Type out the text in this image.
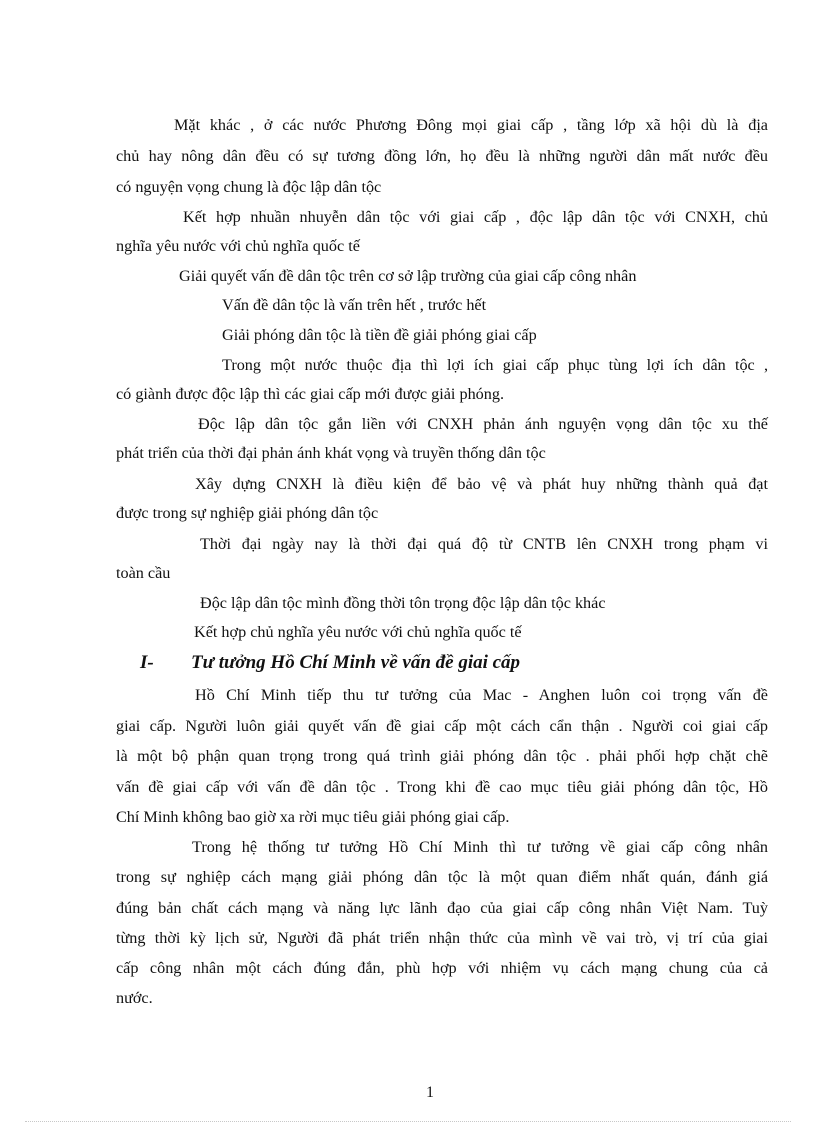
Mặt khác , ở các nước Phương Đông mọi giai cấp , tầng lớp xã hội dù là địa

chủ hay nông dân đều có sự tương đồng lớn, họ đều là những người dân mất nước đều

có nguyện vọng chung là độc lập dân tộc

Kết hợp nhuần nhuyễn dân tộc với giai cấp , độc lập dân tộc với CNXH, chủ

nghĩa yêu nước với chủ nghĩa quốc tế

Giải quyết vấn đề dân tộc trên cơ sở lập trường của giai cấp công nhân

Vấn đề dân tộc là vấn trên hết , trước hết

Giải phóng dân tộc là tiền đề giải phóng giai cấp

Trong một nước thuộc địa thì lợi ích giai cấp phục tùng lợi ích dân tộc ,

có giành được độc lập thì các giai cấp mới được giải phóng.

Độc lập dân tộc gắn liền với CNXH phản ánh nguyện vọng dân tộc xu thế

phát triển của thời đại phản ánh khát vọng và truyền thống dân tộc

Xây dựng CNXH là điều kiện để bảo vệ và phát huy những thành quả đạt

được trong sự nghiệp giải phóng dân tộc

Thời đại ngày nay là thời đại quá độ từ CNTB lên CNXH trong phạm vi

toàn cầu

Độc lập dân tộc mình đồng thời tôn trọng độc lập dân tộc khác

Kết hợp chủ nghĩa yêu nước với chủ nghĩa quốc tế

I- Tư tưởng Hồ Chí Minh về vấn đề giai cấp

Hồ Chí Minh tiếp thu tư tưởng của Mac - Anghen luôn coi trọng vấn đề

giai cấp. Người luôn giải quyết vấn đề giai cấp một cách cẩn thận . Người coi giai cấp

là một bộ phận quan trọng trong quá trình giải phóng dân tộc . phải phối hợp chặt chẽ

vấn đề giai cấp với vấn đề dân tộc . Trong khi đề cao mục tiêu giải phóng dân tộc, Hồ

Chí Minh không bao giờ xa rời mục tiêu giải phóng giai cấp.

Trong hệ thống tư tưởng Hồ Chí Minh thì tư tưởng về giai cấp công nhân

trong sự nghiệp cách mạng giải phóng dân tộc là một quan điểm nhất quán, đánh giá

đúng bản chất cách mạng và năng lực lãnh đạo của giai cấp công nhân Việt Nam. Tuỳ

từng thời kỳ lịch sử, Người đã phát triển nhận thức của mình về vai trò, vị trí của giai

cấp công nhân một cách đúng đắn, phù hợp với nhiệm vụ cách mạng chung của cả

nước.

1
